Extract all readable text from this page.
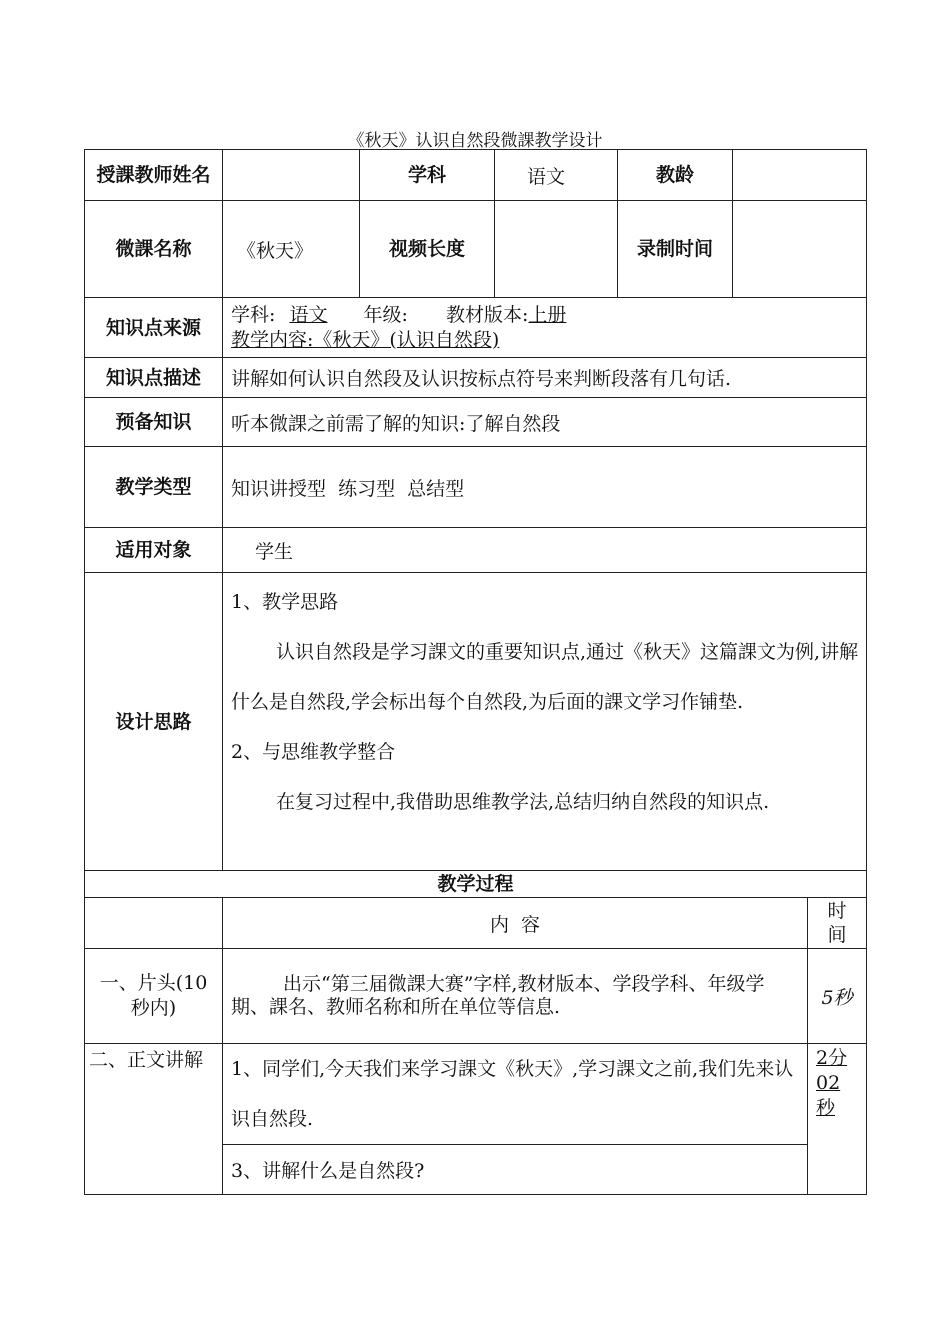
《秋天》认识自然段微課教学设计
授課教师姓名		学科	语文	教龄	
微課名称	《秋天》	视频长度		录制时间	
知识点来源	学科: 语文 年级: 教材版本:上册
教学内容:《秋天》(认识自然段)				

知识点描述	讲解如何认识自然段及认识按标点符号来判断段落有几句话.				
预备知识	听本微課之前需了解的知识:了解自然段				
教学类型	知识讲授型  练习型  总结型				
适用对象	学生				
设计思路	1、教学思路
认识自然段是学习課文的重要知识点,通过《秋天》这篇課文为例,讲解什么是自然段,学会标出每个自然段,为后面的課文学习作铺垫.
2、与思维教学整合
在复习过程中,我借助思维教学法,总结归纳自然段的知识点.				
教学过程		
	内  容	时间
一、片头(10秒内)	出示“第三届微課大赛”字样,教材版本、学段学科、年级学期、課名、教师名称和所在单位等信息.	5秒
二、正文讲解	1、同学们,今天我们来学习課文《秋天》,学习課文之前,我们先来认识自然段.	2分02秒
	3、讲解什么是自然段?	
